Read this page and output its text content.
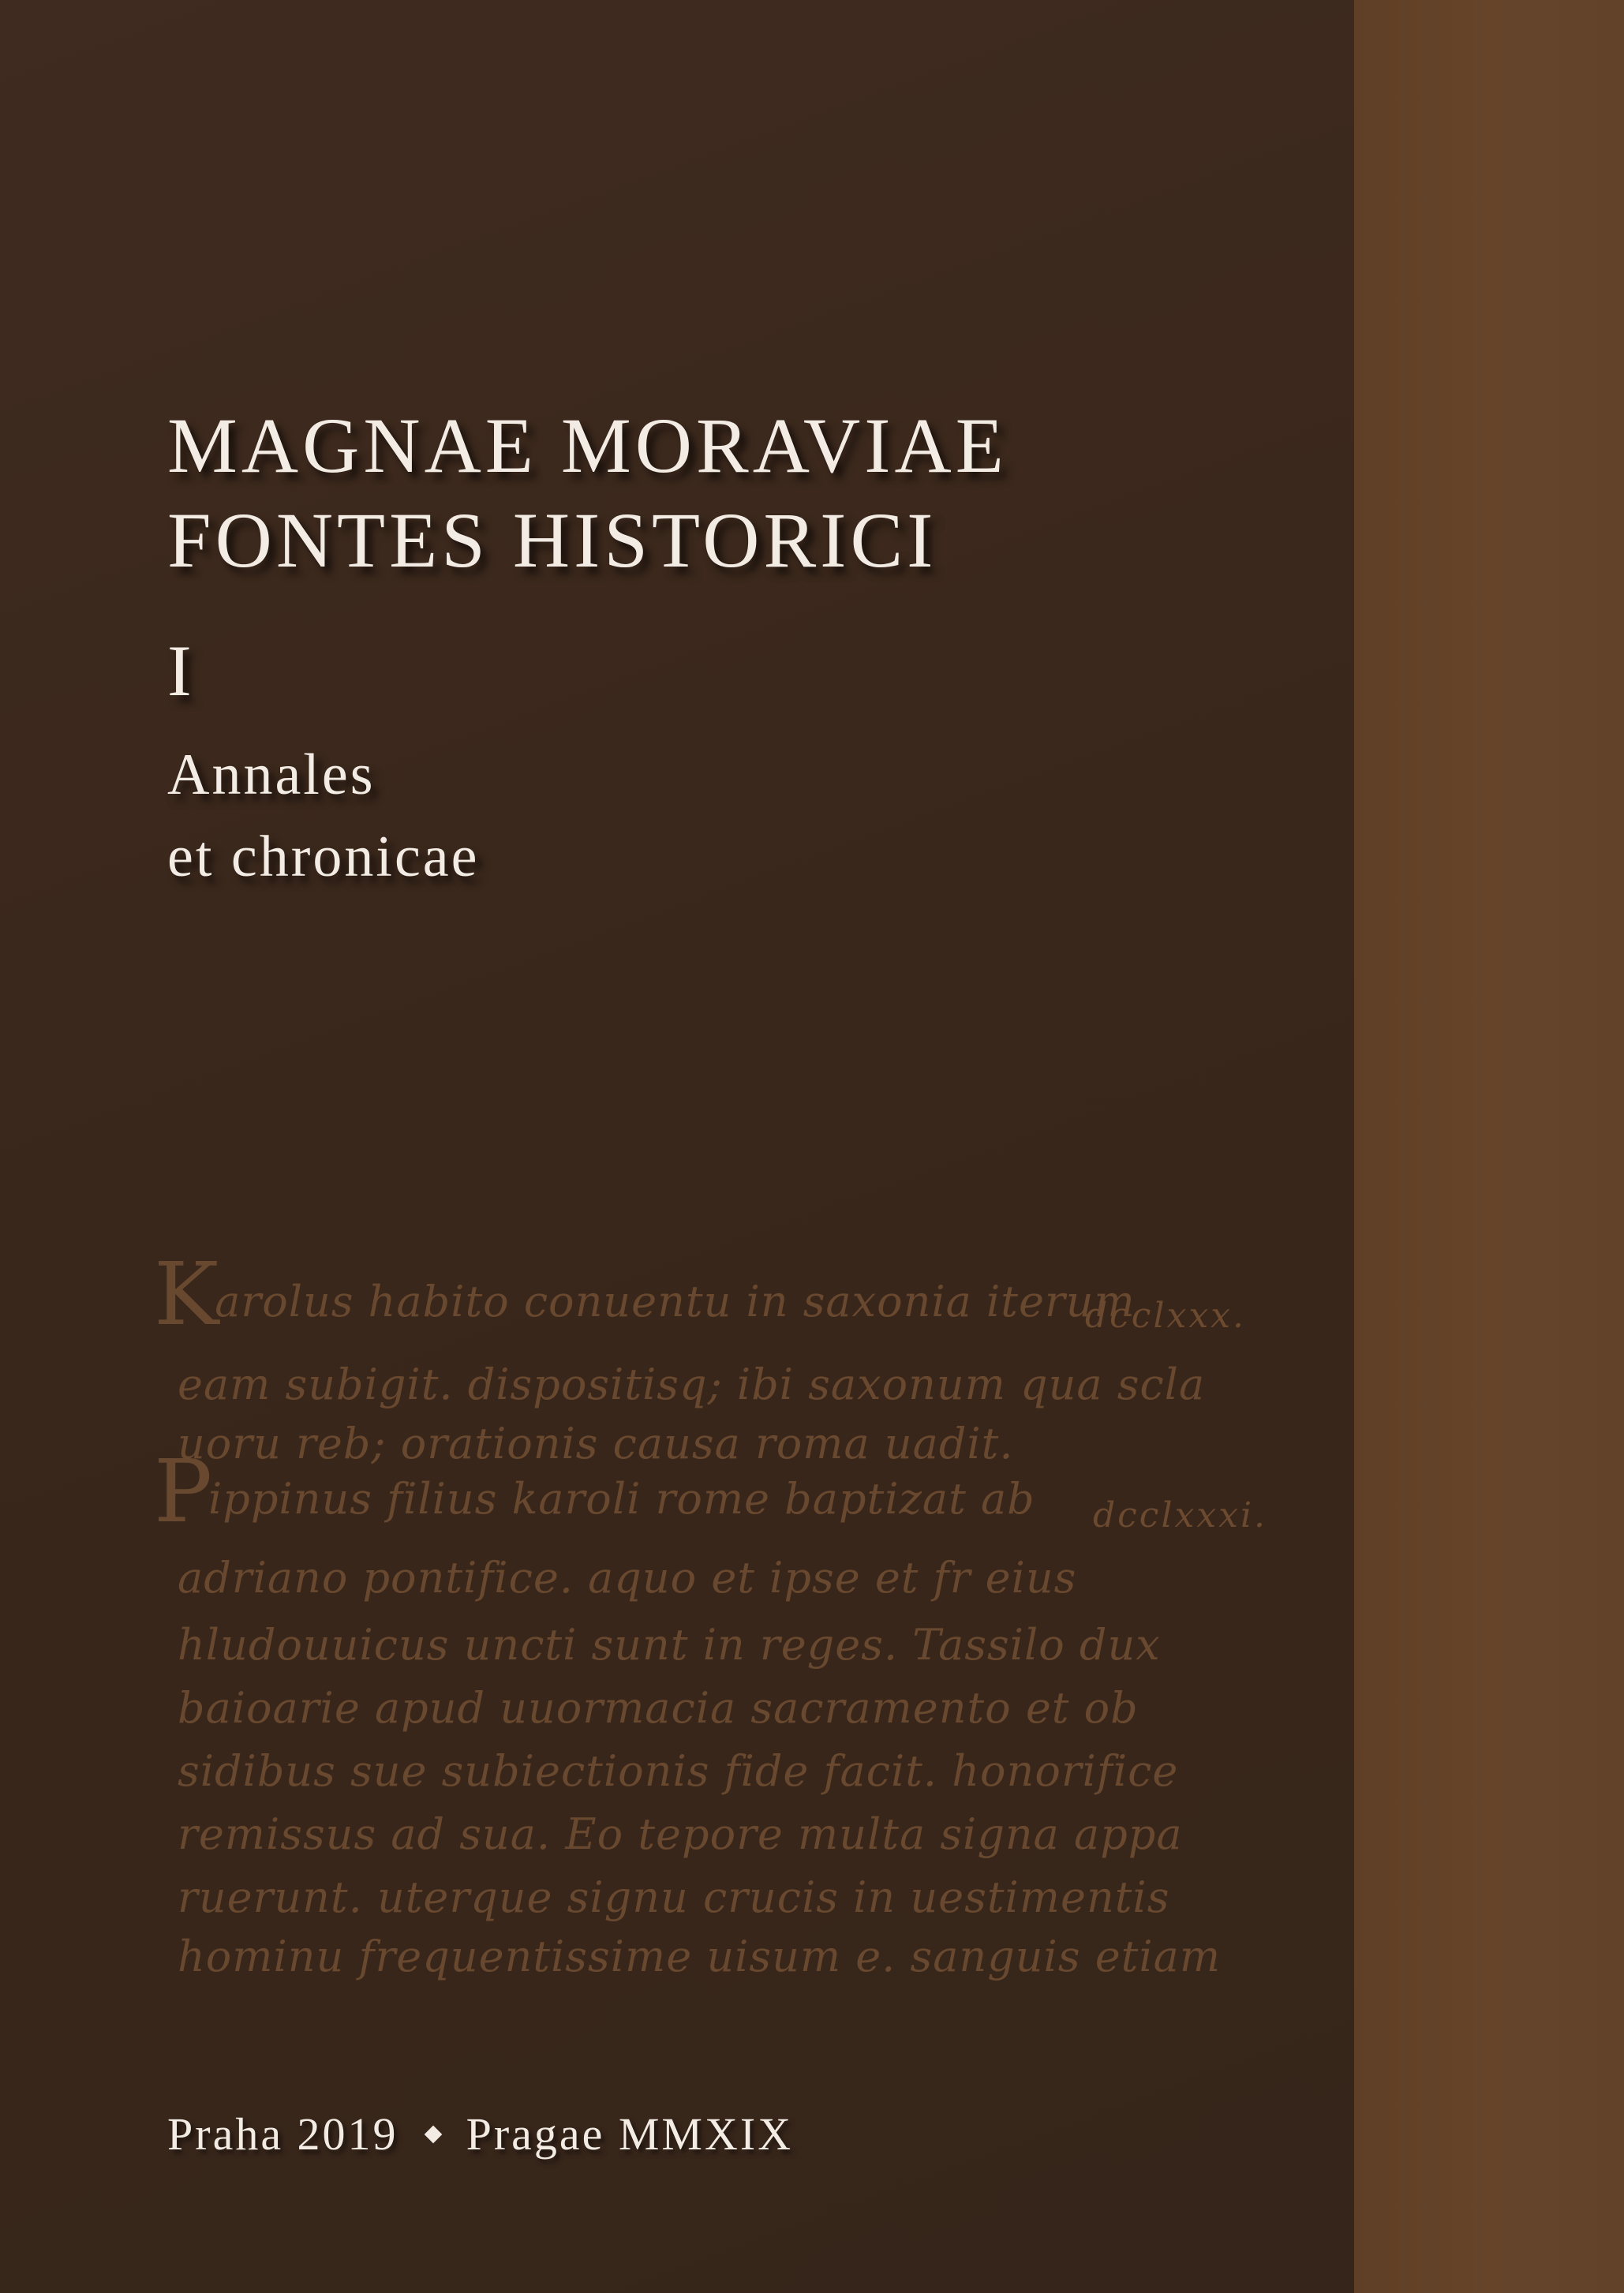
MAGNAE MORAVIAE
FONTES HISTORICI
I
Annales
et chronicae
Karolus habito conuentu in saxonia iterum
dcclxxx.
eam subigit. dispositisq; ibi saxonum qua scla
uoru reb; orationis causa roma uadit.
Pippinus filius karoli rome baptizat ab dcclxxxi.
adriano pontifice. aquo et ipse et fr eius
hludouuicus uncti sunt in reges. Tassilo dux
baioarie apud uuormacia sacramento et ob
sidibus sue subiectionis fide facit. honorifice
remissus ad sua. Eo tepore multa signa appa
ruerunt. uterque signu crucis in uestimentis
hominu frequentissime uisum e. sanguis etiam
Praha 2019 Pragae MMXIX
